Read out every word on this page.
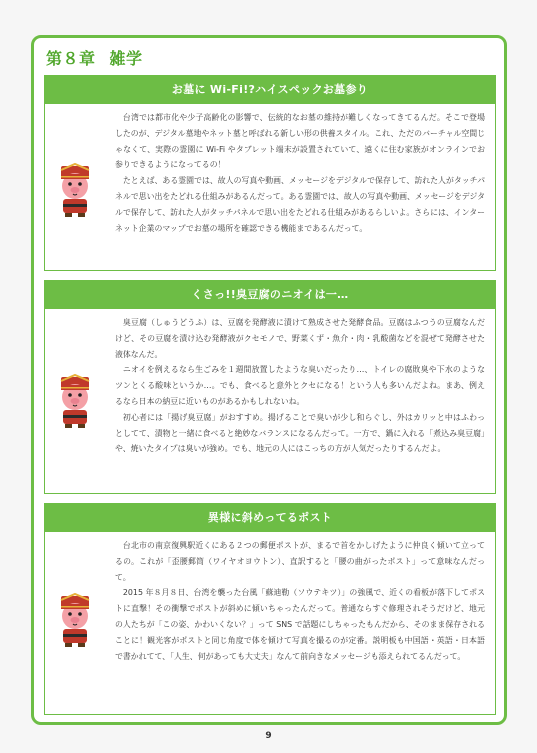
第８章 雑学
お墓に Wi-Fi!?ハイスペックお墓参り

台湾では都市化や少子高齢化の影響で、伝統的なお墓の維持が難しくなってきてるんだ。そこで登場したのが、デジタル墓地やネット墓と呼ばれる新しい形の供養スタイル。これ、ただのバーチャル空間じゃなくて、実際の霊園に Wi-Fi やタブレット端末が設置されていて、遠くに住む家族がオンラインでお参りできるようになってるの！

たとえば、ある霊園では、故人の写真や動画、メッセージをデジタルで保存して、訪れた人がタッチパネルで思い出をたどれる仕組みがあるんだって。ある霊園では、故人の写真や動画、メッセージをデジタルで保存して、訪れた人がタッチパネルで思い出をたどれる仕組みがあるらしいよ。さらには、インターネット企業のマップでお墓の場所を確認できる機能まであるんだって。

くさっ!!臭豆腐のニオイは一…

臭豆腐（しゅうどうふ）は、豆腐を発酵液に漬けて熟成させた発酵食品。豆腐はふつうの豆腐なんだけど、その豆腐を漬け込む発酵液がクセモノで、野菜くず・魚介・肉・乳酸菌などを混ぜて発酵させた液体なんだ。

ニオイを例えるなら生ごみを１週間放置したような臭いだったり…、トイレの腐敗臭や下水のようなツンとくる酸味というか…。でも、食べると意外とクセになる！という人も多いんだよね。まあ、例えるなら日本の納豆に近いものがあるかもしれないね。

初心者には「揚げ臭豆腐」がおすすめ。揚げることで臭いが少し和らぐし、外はカリッと中はふわっとしてて、漬物と一緒に食べると絶妙なバランスになるんだって。一方で、鍋に入れる「煮込み臭豆腐」や、焼いたタイプは臭いが強め。でも、地元の人にはこっちの方が人気だったりするんだよ。

異様に斜めってるポスト

台北市の南京復興駅近くにある２つの郵便ポストが、まるで首をかしげたように仲良く傾いて立ってるの。これが「歪腰郵筒（ワイヤオヨウトン）、直訳すると「腰の曲がったポスト」って意味なんだって。

2015 年８月８日、台湾を襲った台風「蘇迪勒（ソウテキツ）」の強風で、近くの看板が落下してポストに直撃！その衝撃でポストが斜めに傾いちゃったんだって。普通ならすぐ修理されそうだけど、地元の人たちが「この姿、かわいくない？」って SNS で話題にしちゃったもんだから、そのまま保存されることに！観光客がポストと同じ角度で体を傾けて写真を撮るのが定番。説明板も中国語・英語・日本語で書かれてて、「人生、何があっても大丈夫」なんて前向きなメッセージも添えられてるんだって。

9
